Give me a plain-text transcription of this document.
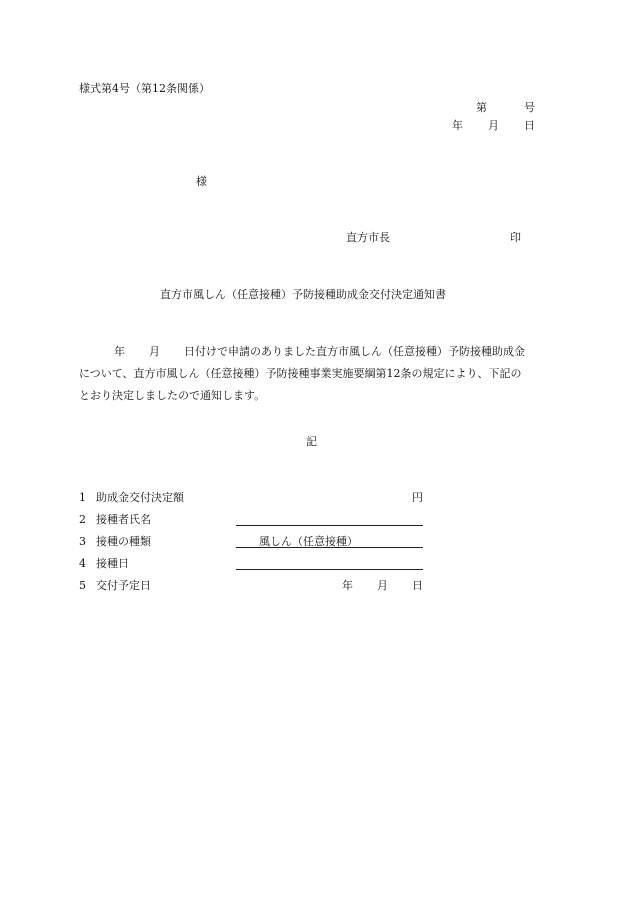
様式第4号（第12条関係）
第	号
年 月 日
様
直方市長	印
直方市風しん（任意接種）予防接種助成金交付決定通知書

年 月 日付けで申請のありました直方市風しん（任意接種）予防接種助成金

について、直方市風しん（任意接種）予防接種事業実施要綱第12条の規定により、下記の

とおり決定しましたので通知します。

記
1 助成金交付決定額	円
2 接種者氏名
3 接種の種類	風しん（任意接種）
4 接種日
5 交付予定日	年 月 日
